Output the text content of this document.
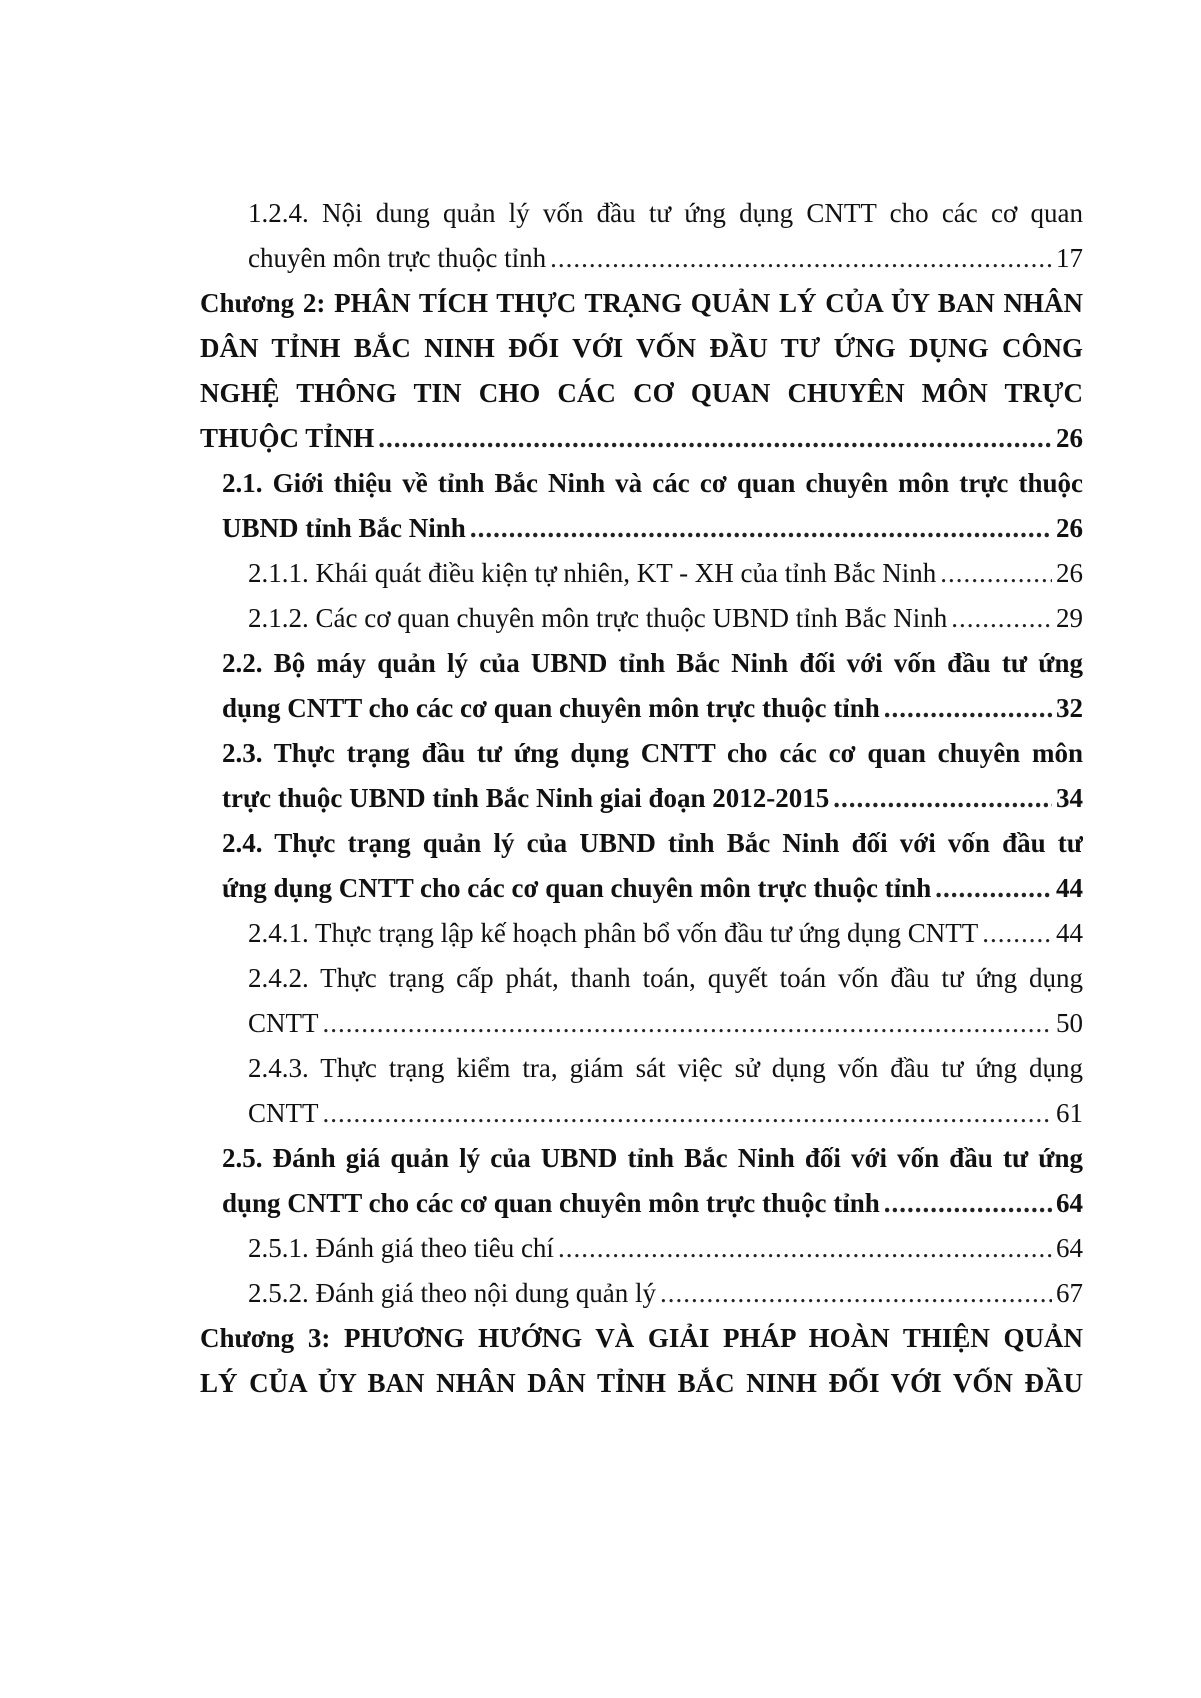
1.2.4. Nội dung quản lý vốn đầu tư ứng dụng CNTT cho các cơ quan
chuyên môn trực thuộc tỉnh .....	17
Chương 2: PHÂN TÍCH THỰC TRẠNG QUẢN LÝ CỦA ỦY BAN NHÂN
DÂN TỈNH BẮC NINH ĐỐI VỚI VỐN ĐẦU TƯ ỨNG DỤNG CÔNG
NGHỆ THÔNG TIN CHO CÁC CƠ QUAN CHUYÊN MÔN TRỰC
THUỘC TỈNH .....	26
2.1. Giới thiệu về tỉnh Bắc Ninh và các cơ quan chuyên môn trực thuộc
UBND tỉnh Bắc Ninh .....	26
2.1.1. Khái quát điều kiện tự nhiên, KT - XH của tỉnh Bắc Ninh .....	26
2.1.2. Các cơ quan chuyên môn trực thuộc UBND tỉnh Bắc Ninh .....	29
2.2. Bộ máy quản lý của UBND tỉnh Bắc Ninh đối với vốn đầu tư ứng
dụng CNTT cho các cơ quan chuyên môn trực thuộc tỉnh .....	32
2.3. Thực trạng đầu tư ứng dụng CNTT cho các cơ quan chuyên môn
trực thuộc UBND tỉnh Bắc Ninh giai đoạn 2012-2015 .....	34
2.4. Thực trạng quản lý của UBND tỉnh Bắc Ninh đối với vốn đầu tư
ứng dụng CNTT cho các cơ quan chuyên môn trực thuộc tỉnh .....	44
2.4.1. Thực trạng lập kế hoạch phân bổ vốn đầu tư ứng dụng CNTT .....	44
2.4.2. Thực trạng cấp phát, thanh toán, quyết toán vốn đầu tư ứng dụng
CNTT .....	50
2.4.3. Thực trạng kiểm tra, giám sát việc sử dụng vốn đầu tư ứng dụng
CNTT .....	61
2.5. Đánh giá quản lý của UBND tỉnh Bắc Ninh đối với vốn đầu tư ứng
dụng CNTT cho các cơ quan chuyên môn trực thuộc tỉnh .....	64
2.5.1. Đánh giá theo tiêu chí .....	64
2.5.2. Đánh giá theo nội dung quản lý .....	67
Chương 3: PHƯƠNG HƯỚNG VÀ GIẢI PHÁP HOÀN THIỆN QUẢN
LÝ CỦA ỦY BAN NHÂN DÂN TỈNH BẮC NINH ĐỐI VỚI VỐN ĐẦU
